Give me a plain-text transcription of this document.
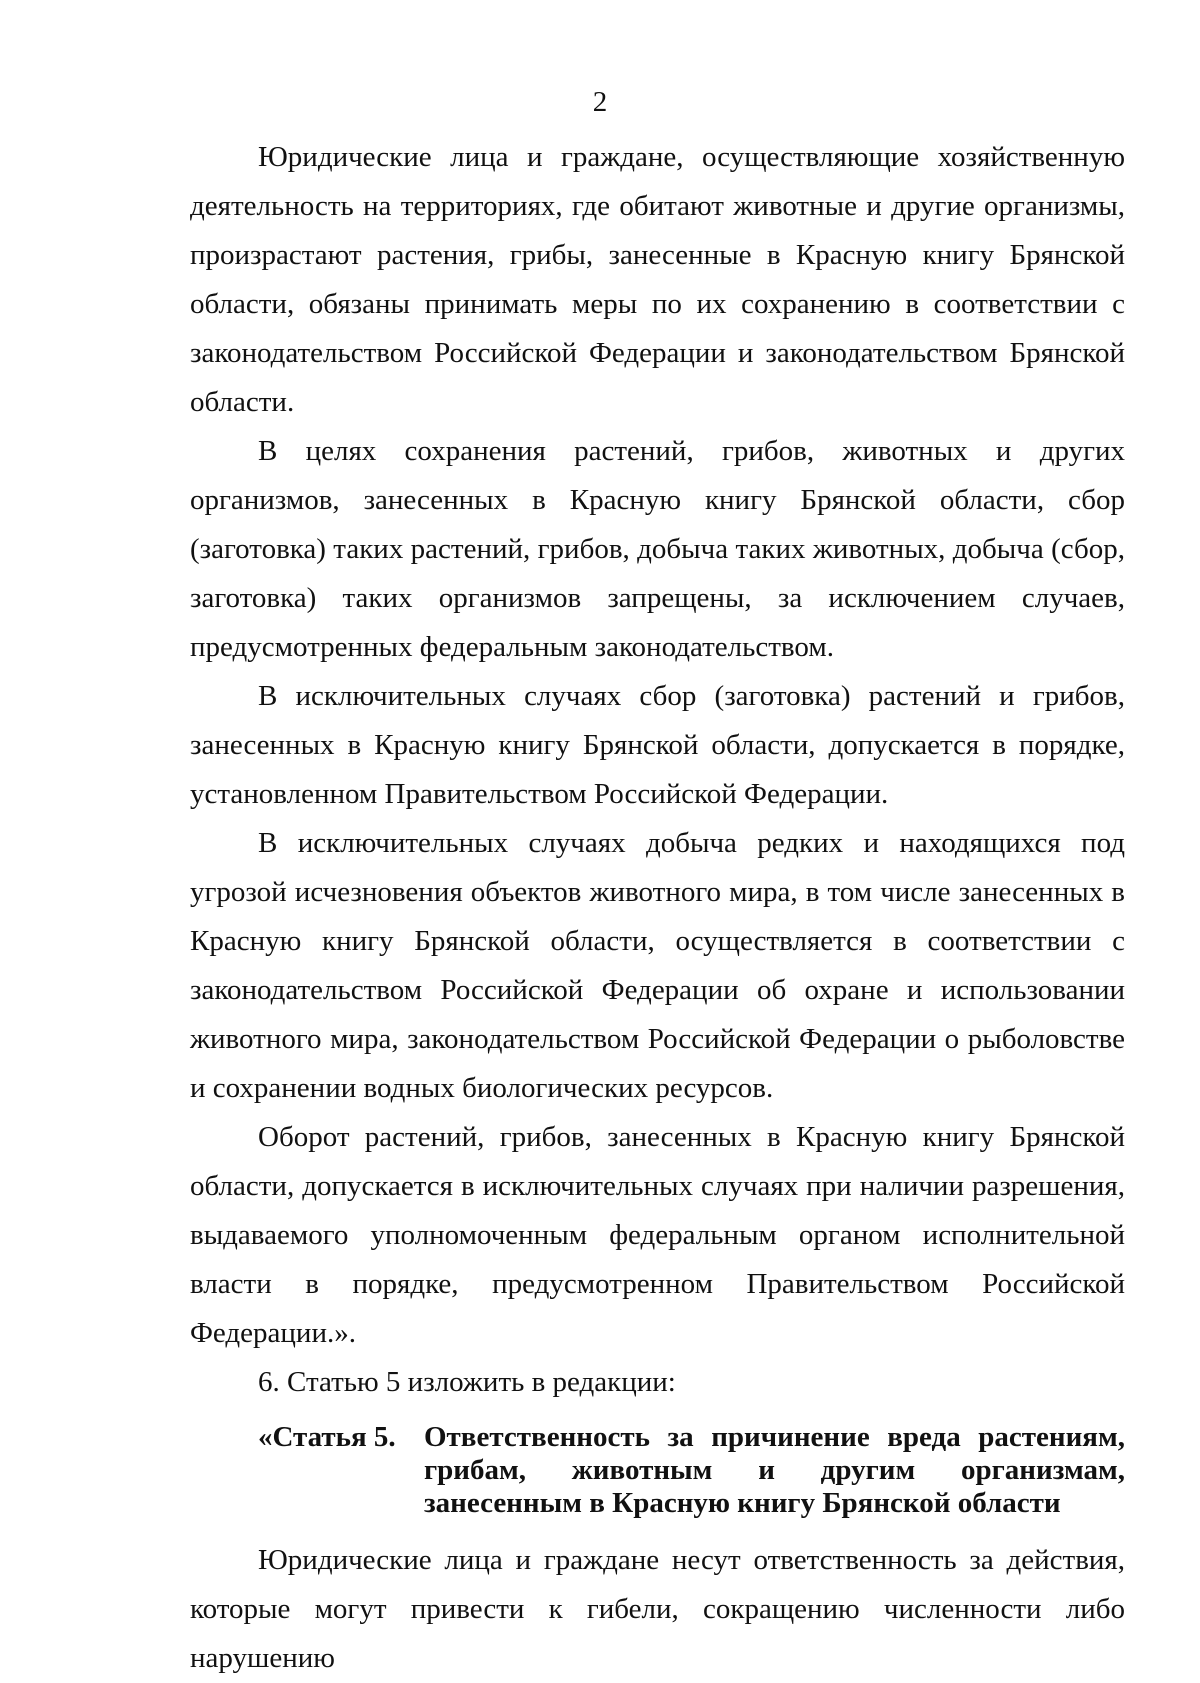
2

Юридические лица и граждане, осуществляющие хозяйственную деятельность на территориях, где обитают животные и другие организмы, произрастают растения, грибы, занесенные в Красную книгу Брянской области, обязаны принимать меры по их сохранению в соответствии с законодательством Российской Федерации и законодательством Брянской области.

В целях сохранения растений, грибов, животных и других организмов, занесенных в Красную книгу Брянской области, сбор (заготовка) таких растений, грибов, добыча таких животных, добыча (сбор, заготовка) таких организмов запрещены, за исключением случаев, предусмотренных федеральным законодательством.

В исключительных случаях сбор (заготовка) растений и грибов, занесенных в Красную книгу Брянской области, допускается в порядке, установленном Правительством Российской Федерации.

В исключительных случаях добыча редких и находящихся под угрозой исчезновения объектов животного мира, в том числе занесенных в Красную книгу Брянской области, осуществляется в соответствии с законодательством Российской Федерации об охране и использовании животного мира, законодательством Российской Федерации о рыболовстве и сохранении водных биологических ресурсов.

Оборот растений, грибов, занесенных в Красную книгу Брянской области, допускается в исключительных случаях при наличии разрешения, выдаваемого уполномоченным федеральным органом исполнительной власти в порядке, предусмотренном Правительством Российской Федерации.».

6. Статью 5 изложить в редакции:

«Статья 5. Ответственность за причинение вреда растениям, грибам, животным и другим организмам, занесенным в Красную книгу Брянской области

Юридические лица и граждане несут ответственность за действия, которые могут привести к гибели, сокращению численности либо нарушению
